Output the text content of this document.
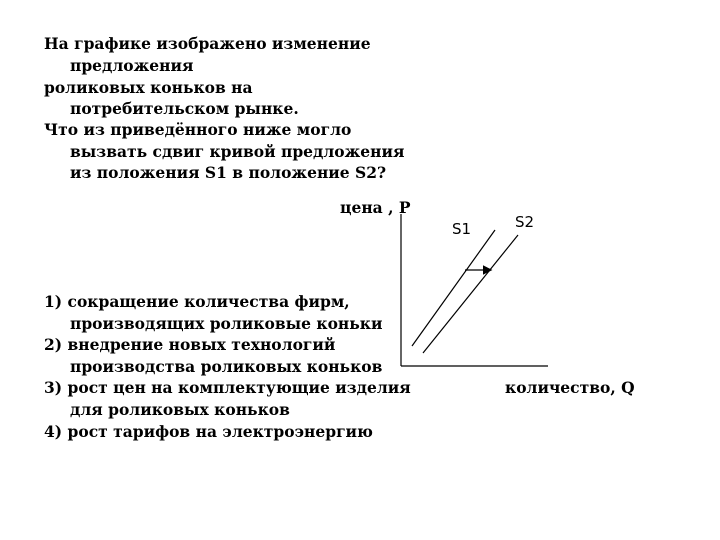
На графике изображено изменение
предложения
роликовых коньков на
потребительском рынке.
Что из приведённого ниже могло
вызвать сдвиг кривой предложения
из положения S1 в положение S2?
1) сокращение количества фирм,
производящих роликовые коньки
2) внедрение новых технологий
производства роликовых коньков
3) рост цен на комплектующие изделия
для роликовых коньков
4) рост тарифов на электроэнергию
цена , P
количество, Q
S1	S2
